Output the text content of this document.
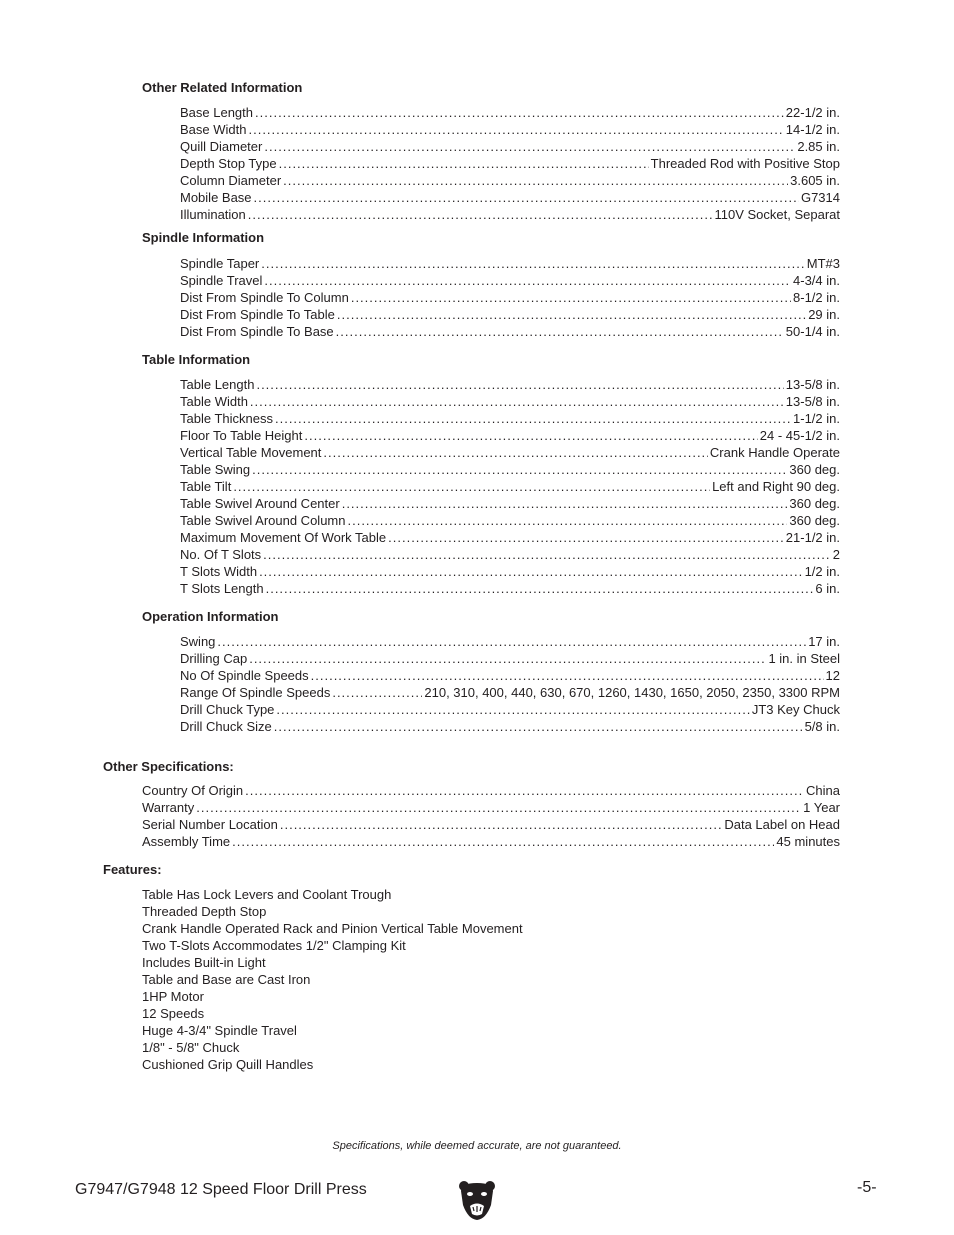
Other Related Information
Base Length .....	22-1/2 in.
Base Width .....	14-1/2 in.
Quill Diameter .....	2.85 in.
Depth Stop Type .....	Threaded Rod with Positive Stop
Column Diameter .....	3.605 in.
Mobile Base .....	G7314
Illumination .....	110V Socket, Separat
Spindle Information
Spindle Taper .....	MT#3
Spindle Travel .....	4-3/4 in.
Dist From Spindle To Column .....	8-1/2 in.
Dist From Spindle To Table .....	29 in.
Dist From Spindle To Base .....	50-1/4 in.
Table Information
Table Length .....	13-5/8 in.
Table Width .....	13-5/8 in.
Table Thickness .....	1-1/2 in.
Floor To Table Height .....	24 - 45-1/2 in.
Vertical Table Movement .....	Crank Handle Operate
Table Swing .....	360 deg.
Table Tilt .....	Left and Right 90 deg.
Table Swivel Around Center .....	360 deg.
Table Swivel Around Column .....	360 deg.
Maximum Movement Of Work Table .....	21-1/2 in.
No. Of T Slots .....	2
T Slots Width .....	1/2 in.
T Slots Length .....	6 in.
Operation Information
Swing .....	17 in.
Drilling Cap .....	1 in. in Steel
No Of Spindle Speeds .....	12
Range Of Spindle Speeds .....	210, 310, 400, 440, 630, 670, 1260, 1430, 1650, 2050, 2350, 3300 RPM
Drill Chuck Type .....	JT3 Key Chuck
Drill Chuck Size .....	5/8 in.
Other Specifications:
Country Of Origin .....	China
Warranty .....	1 Year
Serial Number Location .....	Data Label on Head
Assembly Time .....	45 minutes
Features:
Table Has Lock Levers and Coolant Trough
Threaded Depth Stop
Crank Handle Operated Rack and Pinion Vertical Table Movement
Two T-Slots Accommodates 1/2" Clamping Kit
Includes Built-in Light
Table and Base are Cast Iron
1HP Motor
12 Speeds
Huge 4-3/4" Spindle Travel
1/8" - 5/8" Chuck
Cushioned Grip Quill Handles
Specifications, while deemed accurate, are not guaranteed.
G7947/G7948 12 Speed Floor Drill Press	-5-
